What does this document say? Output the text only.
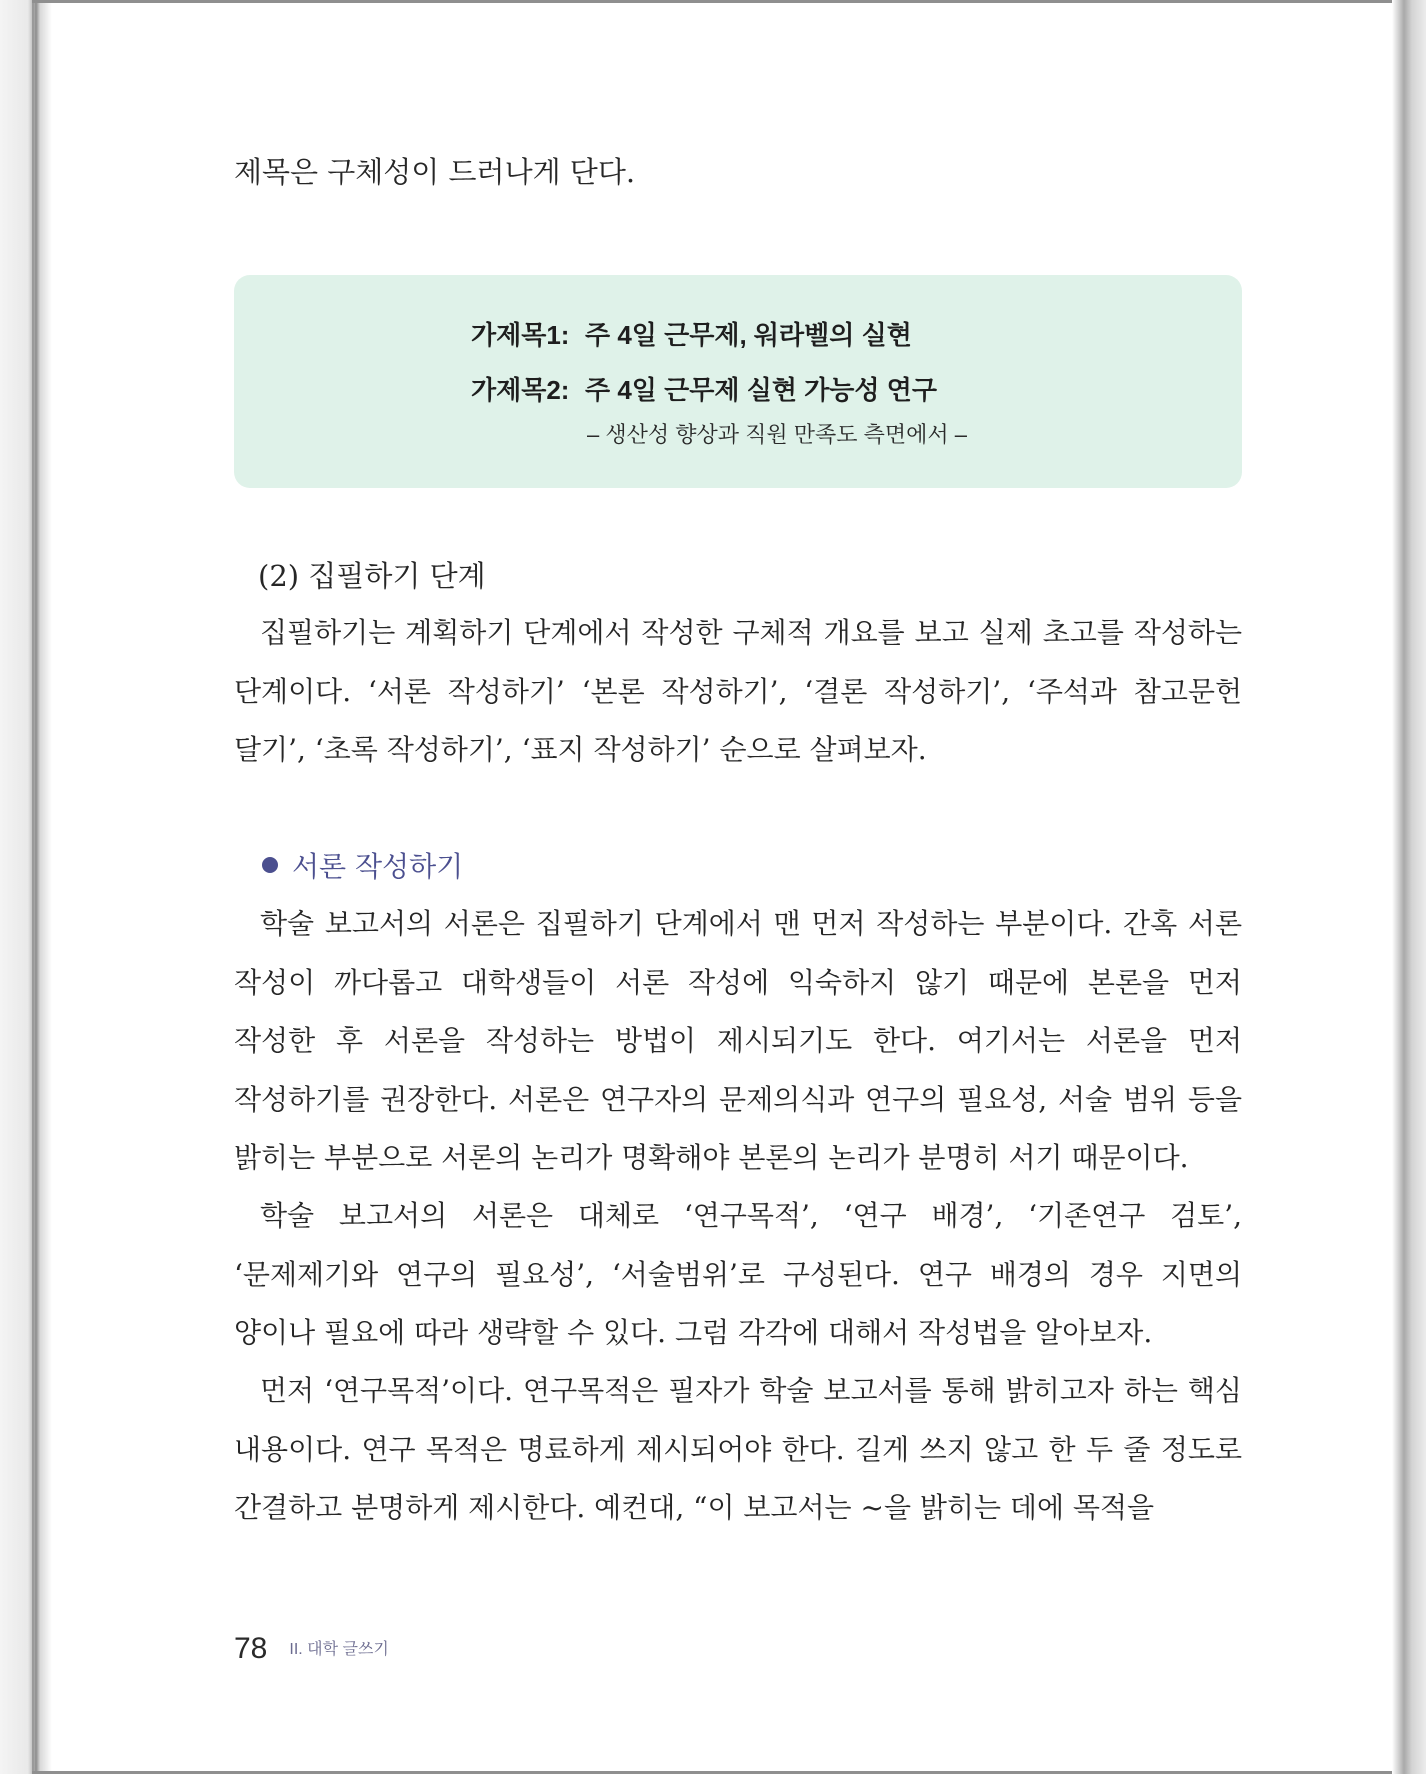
제목은 구체성이 드러나게 단다.
가제목1: 주 4일 근무제, 워라벨의 실현
가제목2: 주 4일 근무제 실현 가능성 연구
– 생산성 향상과 직원 만족도 측면에서 –
(2) 집필하기 단계
집필하기는 계획하기 단계에서 작성한 구체적 개요를 보고 실제 초고를 작성하는 단계이다. ‘서론 작성하기’ ‘본론 작성하기’, ‘결론 작성하기’, ‘주석과 참고문헌 달기’, ‘초록 작성하기’, ‘표지 작성하기’ 순으로 살펴보자.
서론 작성하기
학술 보고서의 서론은 집필하기 단계에서 맨 먼저 작성하는 부분이다. 간혹 서론 작성이 까다롭고 대학생들이 서론 작성에 익숙하지 않기 때문에 본론을 먼저 작성한 후 서론을 작성하는 방법이 제시되기도 한다. 여기서는 서론을 먼저 작성하기를 권장한다. 서론은 연구자의 문제의식과 연구의 필요성, 서술 범위 등을 밝히는 부분으로 서론의 논리가 명확해야 본론의 논리가 분명히 서기 때문이다.
학술 보고서의 서론은 대체로 ‘연구목적’, ‘연구 배경’, ‘기존연구 검토’, ‘문제제기와 연구의 필요성’, ‘서술범위’로 구성된다. 연구 배경의 경우 지면의 양이나 필요에 따라 생략할 수 있다. 그럼 각각에 대해서 작성법을 알아보자.
먼저 ‘연구목적’이다. 연구목적은 필자가 학술 보고서를 통해 밝히고자 하는 핵심 내용이다. 연구 목적은 명료하게 제시되어야 한다. 길게 쓰지 않고 한 두 줄 정도로 간결하고 분명하게 제시한다. 예컨대, “이 보고서는 ~을 밝히는 데에 목적을
78 II. 대학 글쓰기
